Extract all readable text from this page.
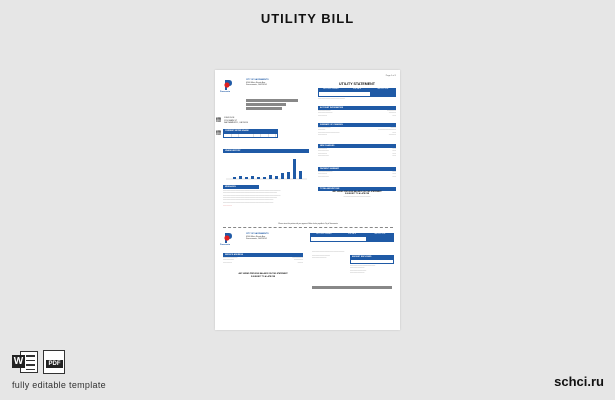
UTILITY BILL
Page 1 of 1
Panacenta
CITY OF SACRAMENTO
4560 Main Street Ave.
Sacramento, CA 95814
JOHN DOE
1234 MAIN ST
SACRAMENTO, CA 95814
UTILITY STATEMENT
ACCOUNT NUMBER	DUE DATE	AMOUNT DUE
———————————————
ACCOUNT INFORMATION
———————	—————
————————	————
—————	——
SUMMARY OF CHARGES
———————	———
————	——————————
————————————	——
—————	————
NEW CHARGES
—————	——
——————	——
—————	——
——————	——
PAYMENT SUMMARY
————————	——
—————	——
——————	——
TOTAL AMOUNT DUE
ANY UNPAID PREVIOUS BALANCE ON THIS STATEMENT
IS SUBJECT TO A LATE FEE
———————————————
CURRENT METER USAGE
USAGE HISTORY
MESSAGES
————————————————————————————————
——————————————————————————————
————————————————————————————————
——————————————————————————————
————————————————————————————
————————————————————————————
—————
Please return this portion with your payment. Make checks payable to City of Sacramento
Panacenta
CITY OF SACRAMENTO
4560 Main Street Ave.
Sacramento, CA 95814
ACCOUNT NUMBER	DUE DATE	AMOUNT DUE
SERVICE ADDRESS
————————	——————
——————	—————
—————	———
——————————————————
——————————
————————
AMOUNT ENCLOSED
ANY UNPAID PREVIOUS BALANCE ON THIS STATEMENT
IS SUBJECT TO A LATE FEE
——————————————
————————
—————————
————————
W	PDF
fully editable template	schci.ru
